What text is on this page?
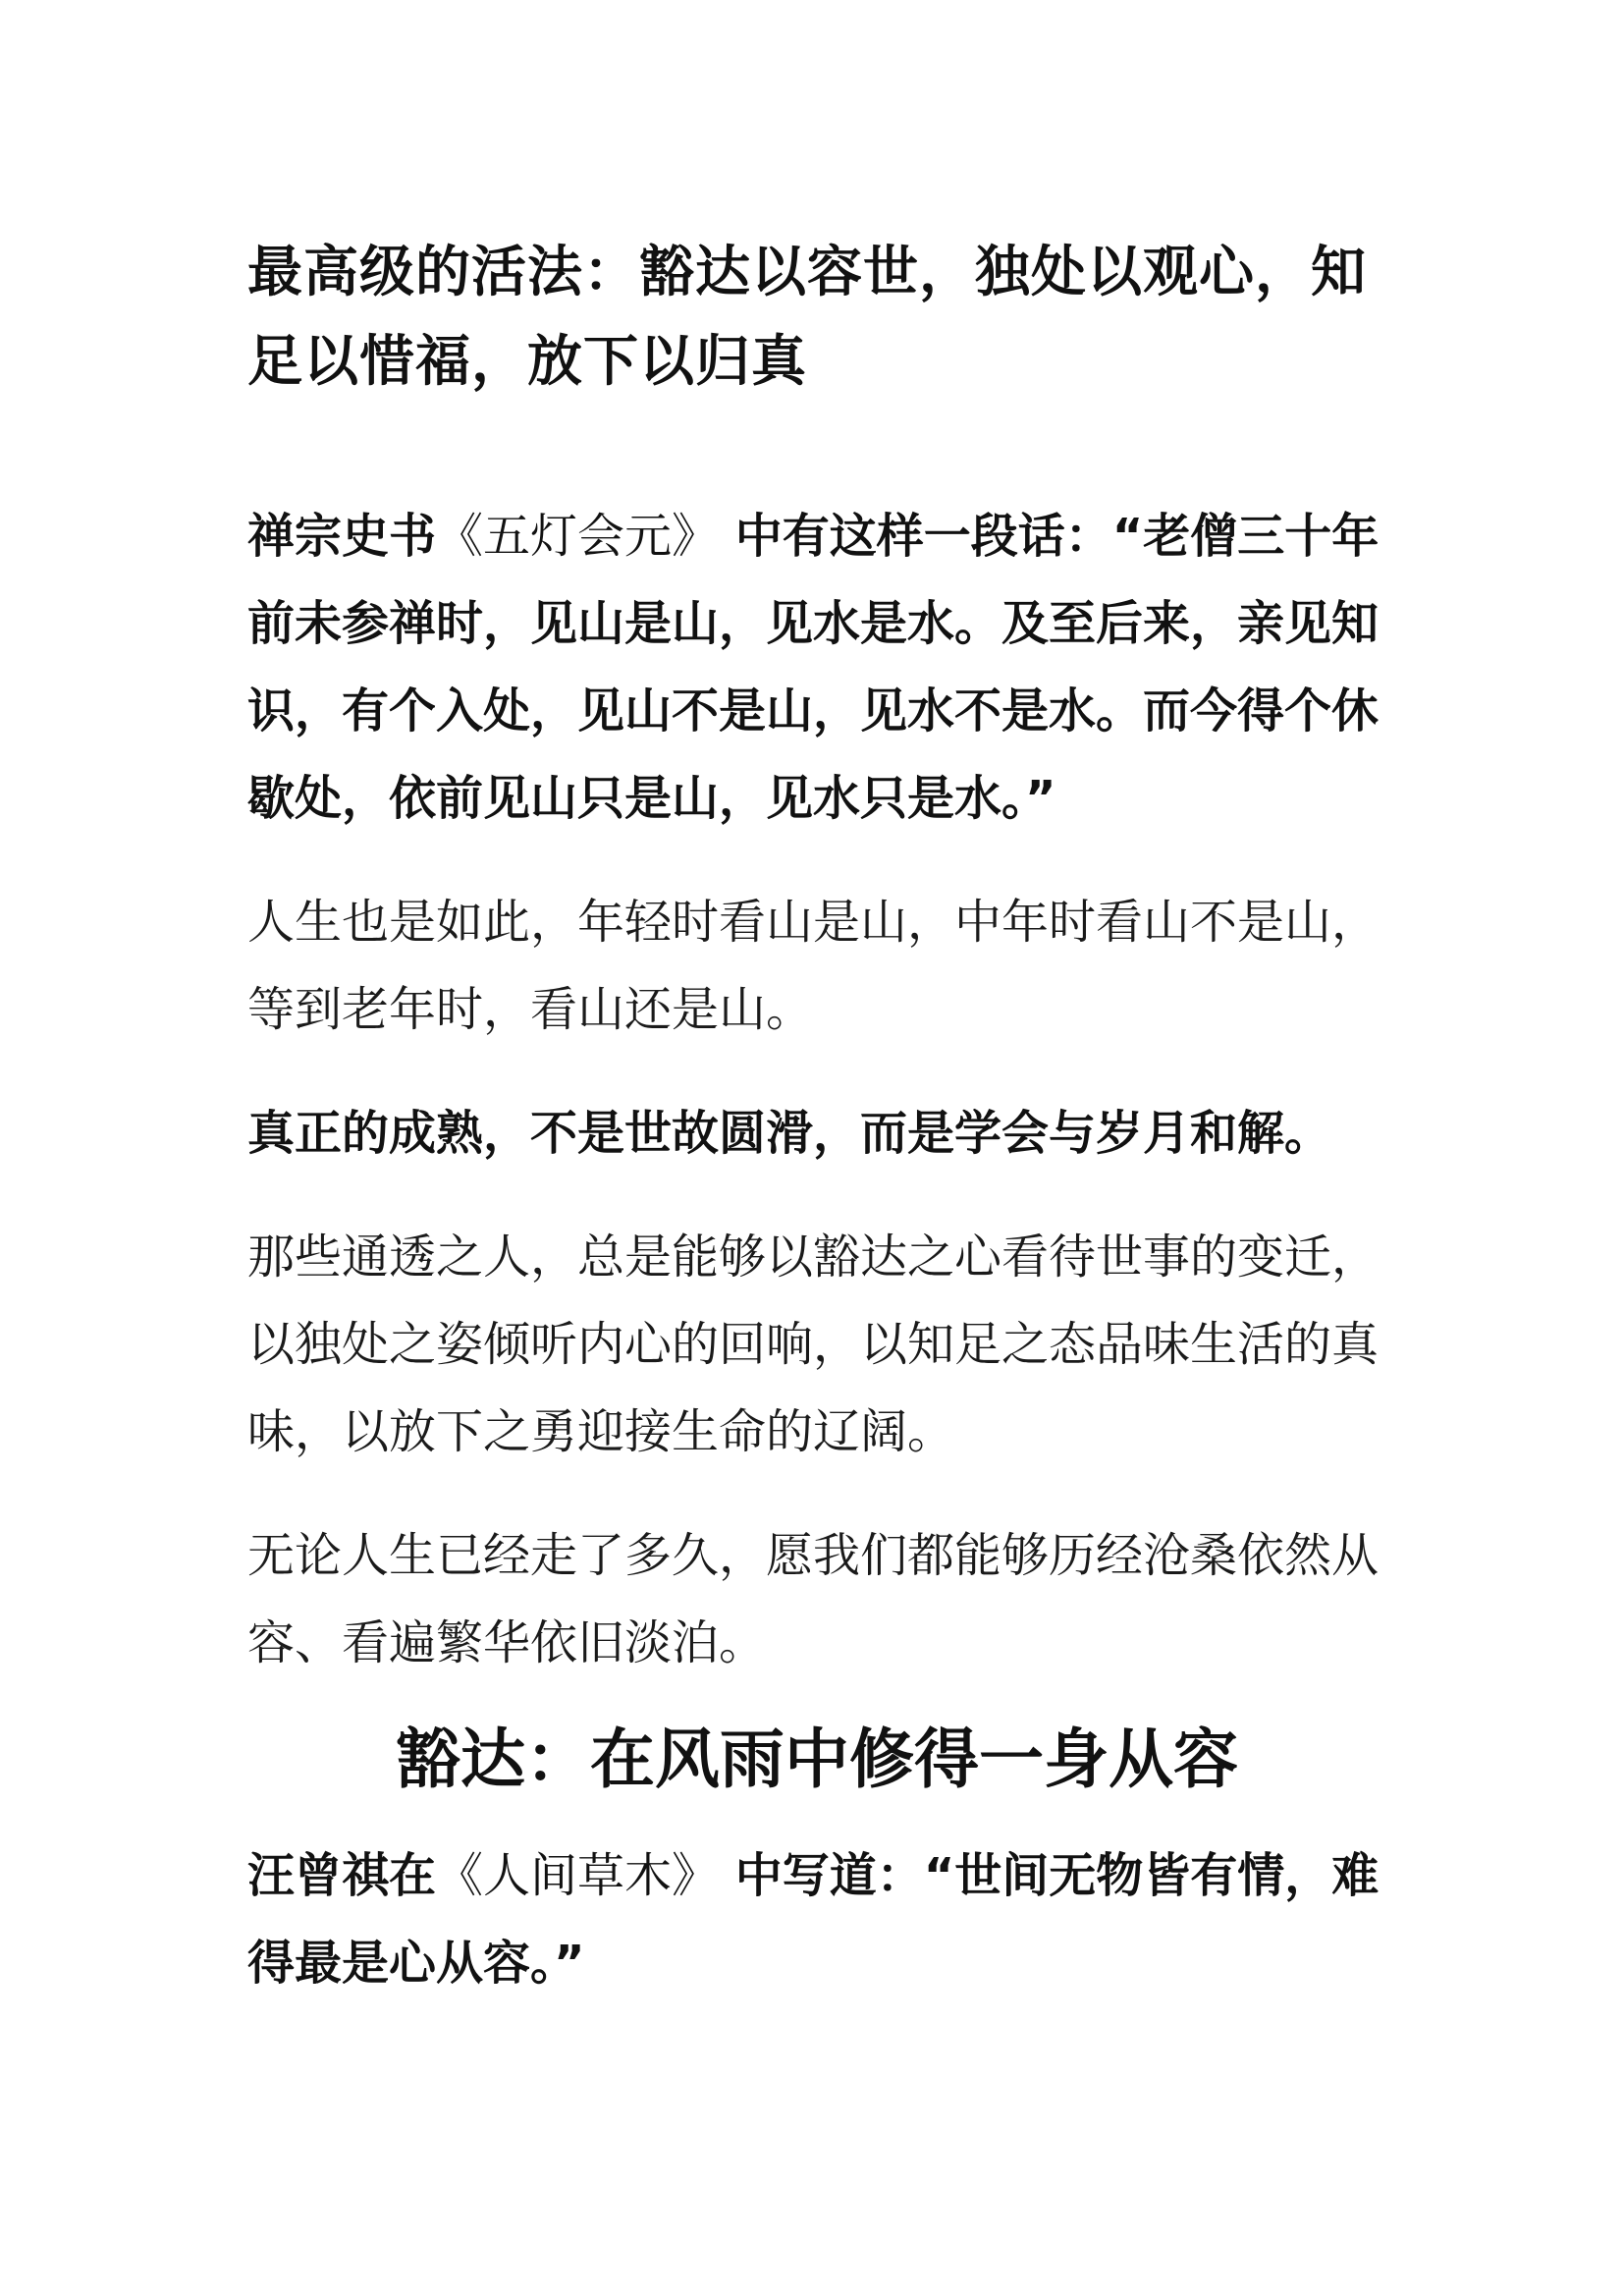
最高级的活法：豁达以容世，独处以观心，知足以惜福，放下以归真

禅宗史书《五灯会元》 中有这样一段话：“老僧三十年前未参禅时，见山是山，见水是水。及至后来，亲见知识，有个入处，见山不是山，见水不是水。而今得个休歇处，依前见山只是山，见水只是水。”

人生也是如此，年轻时看山是山，中年时看山不是山，等到老年时，看山还是山。

真正的成熟，不是世故圆滑，而是学会与岁月和解。

那些通透之人，总是能够以豁达之心看待世事的变迁，以独处之姿倾听内心的回响，以知足之态品味生活的真味，以放下之勇迎接生命的辽阔。

无论人生已经走了多久，愿我们都能够历经沧桑依然从容、看遍繁华依旧淡泊。

豁达：在风雨中修得一身从容

汪曾祺在《人间草木》 中写道：“世间无物皆有情，难得最是心从容。”
